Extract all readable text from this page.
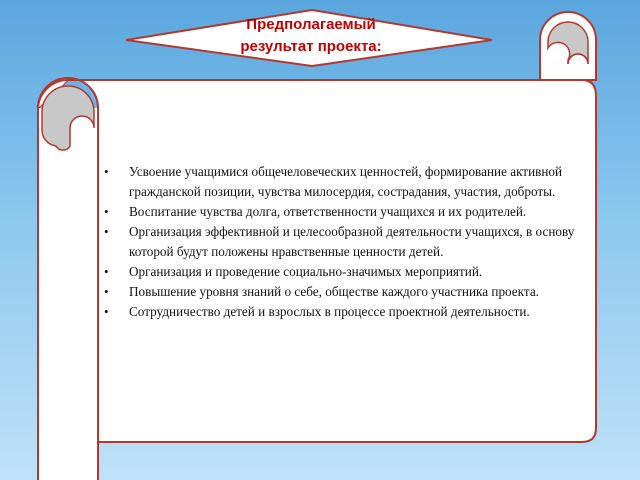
Предполагаемый
результат проекта:
• Усвоение учащимися общечеловеческих ценностей, формирование активной гражданской позиции, чувства милосердия, сострадания, участия, доброты.
• Воспитание чувства долга, ответственности учащихся и их родителей.
• Организация эффективной и целесообразной деятельности учащихся, в основу которой будут положены нравственные ценности детей.
• Организация и проведение социально-значимых мероприятий.
• Повышение уровня знаний о себе, обществе каждого участника проекта.
• Сотрудничество детей и взрослых в процессе проектной деятельности.
